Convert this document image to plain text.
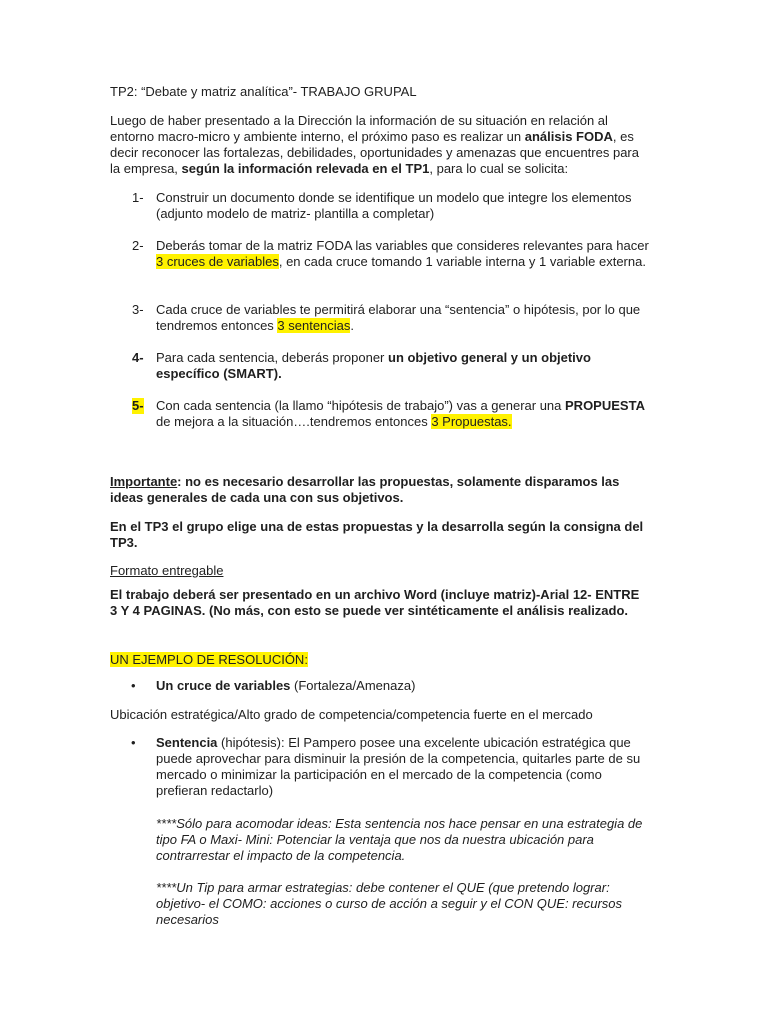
TP2: “Debate y matriz analítica”- TRABAJO GRUPAL
Luego de haber presentado a la Dirección la información de su situación en relación al entorno macro-micro y ambiente interno, el próximo paso es realizar un análisis FODA, es decir reconocer las fortalezas, debilidades, oportunidades y amenazas que encuentres para la empresa, según la información relevada en el TP1, para lo cual se solicita:
1- Construir un documento donde se identifique un modelo que integre los elementos (adjunto modelo de matriz- plantilla a completar)
2- Deberás tomar de la matriz FODA las variables que consideres relevantes para hacer 3 cruces de variables, en cada cruce tomando 1 variable interna y 1 variable externa.
3- Cada cruce de variables te permitirá elaborar una “sentencia” o hipótesis, por lo que tendremos entonces 3 sentencias.
4- Para cada sentencia, deberás proponer un objetivo general y un objetivo específico (SMART).
5- Con cada sentencia (la llamo “hipótesis de trabajo”) vas a generar una PROPUESTA de mejora a la situación….tendremos entonces 3 Propuestas.
Importante: no es necesario desarrollar las propuestas, solamente disparamos las ideas generales de cada una con sus objetivos.
En el TP3 el grupo elige una de estas propuestas y la desarrolla según la consigna del TP3.
Formato entregable
El trabajo deberá ser presentado en un archivo Word (incluye matriz)-Arial 12- ENTRE 3 Y 4 PAGINAS. (No más, con esto se puede ver sintéticamente el análisis realizado.
UN EJEMPLO DE RESOLUCIÓN:
• Un cruce de variables (Fortaleza/Amenaza)
Ubicación estratégica/Alto grado de competencia/competencia fuerte en el mercado
• Sentencia (hipótesis): El Pampero posee una excelente ubicación estratégica que puede aprovechar para disminuir la presión de la competencia, quitarles parte de su mercado o minimizar la participación en el mercado de la competencia (como prefieran redactarlo)
****Sólo para acomodar ideas: Esta sentencia nos hace pensar en una estrategia de tipo FA o Maxi- Mini: Potenciar la ventaja que nos da nuestra ubicación para contrarrestar el impacto de la competencia.
****Un Tip para armar estrategias: debe contener el QUE (que pretendo lograr: objetivo- el COMO: acciones o curso de acción a seguir y el CON QUE: recursos necesarios
